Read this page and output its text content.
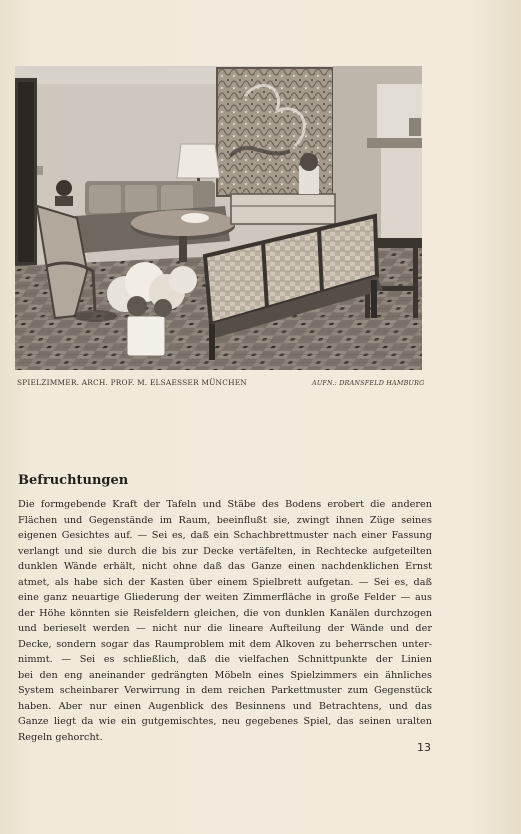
SPIELZIMMER. ARCH. PROF. M. ELSAESSER MÜNCHEN	AUFN.: DRANSFELD HAMBURG
Befruchtungen
Die formgebende Kraft der Tafeln und Stäbe des Bodens erobert die anderen
Flächen und Gegenstände im Raum, beeinflußt sie, zwingt ihnen Züge seines
eigenen Gesichtes auf. — Sei es, daß ein Schachbrettmuster nach einer Fassung
verlangt und sie durch die bis zur Decke vertäfelten, in Rechtecke aufgeteilten
dunklen Wände erhält, nicht ohne daß das Ganze einen nachdenklichen Ernst
atmet, als habe sich der Kasten über einem Spielbrett aufgetan. — Sei es, daß
eine ganz neuartige Gliederung der weiten Zimmerfläche in große Felder — aus
der Höhe könnten sie Reisfeldern gleichen, die von dunklen Kanälen durchzogen
und berieselt werden — nicht nur die lineare Aufteilung der Wände und der
Decke, sondern sogar das Raumproblem mit dem Alkoven zu beherrschen unter-
nimmt. — Sei es schließlich, daß die vielfachen Schnittpunkte der Linien
bei den eng aneinander gedrängten Möbeln eines Spielzimmers ein ähnliches
System scheinbarer Verwirrung in dem reichen Parkettmuster zum Gegenstück
haben. Aber nur einen Augenblick des Besinnens und Betrachtens, und das
Ganze liegt da wie ein gutgemischtes, neu gegebenes Spiel, das seinen uralten
Regeln gehorcht.
13
